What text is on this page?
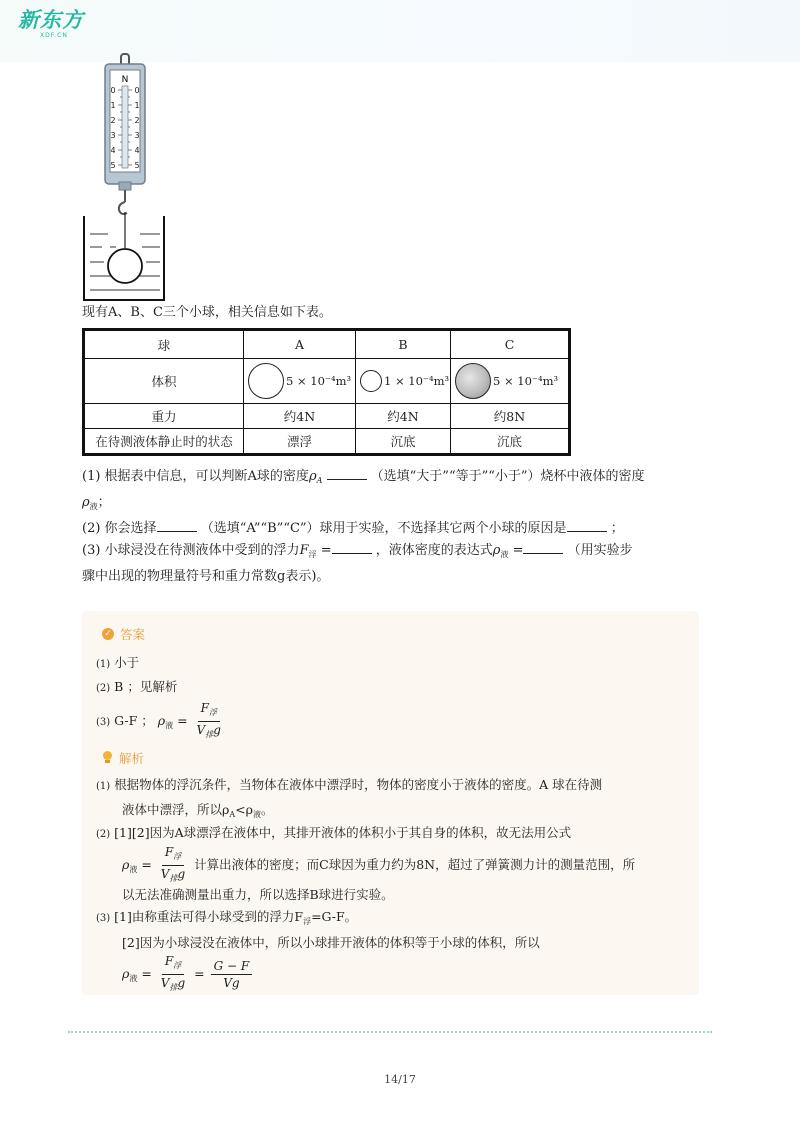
新东方
XDF.CN
N
0 0
1 1
2 2
3 3
4 4
5 5
现有A、B、C三个小球，相关信息如下表。
球	A	B	C
体积	5 × 10⁻⁴m³	1 × 10⁻⁴m³	5 × 10⁻⁴m³

重力	约4N	约4N	约8N
在待测液体静止时的状态	漂浮	沉底	沉底
(1) 根据表中信息，可以判断A球的密度$\rho_A$	（选填“大于”“等于”“小于”）烧杯中液体的密度
$\rho_液$；
(2) 你会选择	（选填“A”“B”“C”）球用于实验，不选择其它两个小球的原因是	；
(3) 小球浸没在待测液体中受到的浮力$F_浮$ =	，液体密度的表达式$\rho_液$ =	（用实验步
骤中出现的物理量符号和重力常数g表示)。
✓ 答案
(1) 小于
(2) B ；见解析
(3) G-F ； $\rho_液 = \frac{F_浮}{V_排g}$
解析
(1) 根据物体的浮沉条件，当物体在液体中漂浮时，物体的密度小于液体的密度。A 球在待测
液体中漂浮，所以$\rho_A<\rho_液$。
(2) [1][2]因为A球漂浮在液体中，其排开液体的体积小于其自身的体积，故无法用公式
$\rho_液 = \frac{F_浮}{V_排g}$ 计算出液体的密度；而C球因为重力约为8N，超过了弹簧测力计的测量范围，所
以无法准确测量出重力，所以选择B球进行实验。
(3) [1]由称重法可得小球受到的浮力$F_浮=G-F$。
[2]因为小球浸没在液体中，所以小球排开液体的体积等于小球的体积，所以
$\rho_液 = \frac{F_浮}{V_排g} = \frac{G - F}{Vg}$
14/17
